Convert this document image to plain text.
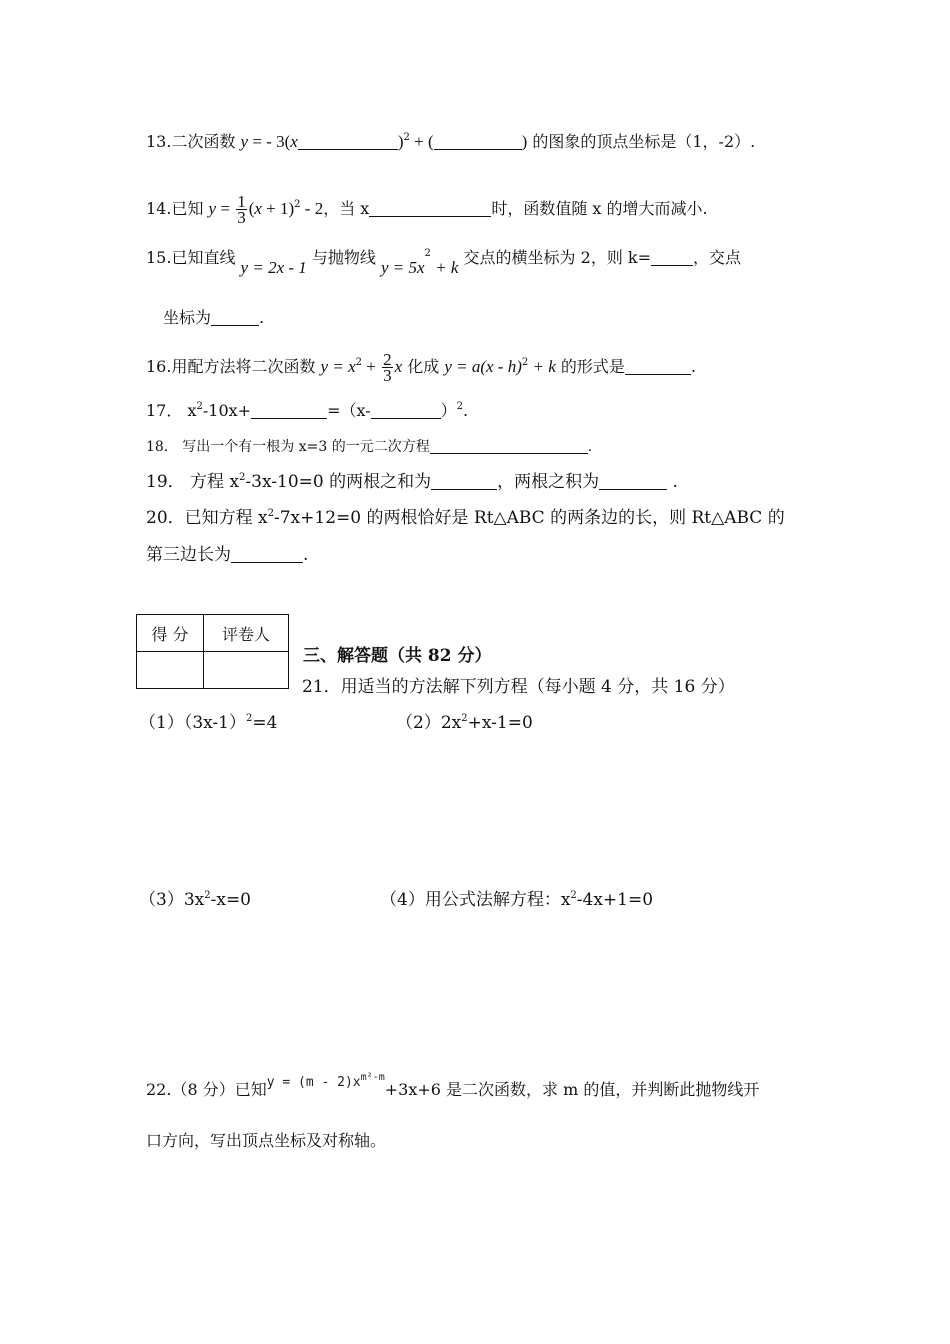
13.二次函数 y = - 3(x	)$^2$ + (	) 的图象的顶点坐标是（1，-2）.
14.已知 $y = \frac{1}{3} (x + 1)^2 - 2$，当 x	时，函数值随 x 的增大而减小.
15.已知直线 y = 2x - 1 与抛物线 $y = 5x^2 + k$ 交点的横坐标为 2，则 k=	，交点
坐标为	.
16.用配方法将二次函数 $y = x^2 + \frac{2}{3}$ x 化成 y = a(x - h)$^2$ + k 的形式是	.
17． $x^2-10x+$	=（x-	）$^2$.
18． 写出一个有一根为 x=3 的一元二次方程	.
19． 方程 $x^2-3x-10=0$ 的两根之和为	，两根之积为	.
20．已知方程 $x^2-7x+12=0$ 的两根恰好是 Rt△ABC 的两条边的长，则 Rt△ABC 的
第三边长为	.
得 分	评卷人

三、解答题（共 82 分）
21．用适当的方法解下列方程（每小题 4 分，共 16 分）
$(1)(3x-1)^2=4$	$(2)2x^2+x-1=0$
$(3)3x^2-x=0$	（4）用公式法解方程：$x^2-4x+1=0$
22.（8 分）已知$^{y = (m - 2)x^{m^2-m}}$+3x+6 是二次函数，求 m 的值，并判断此抛物线开
口方向，写出顶点坐标及对称轴。
